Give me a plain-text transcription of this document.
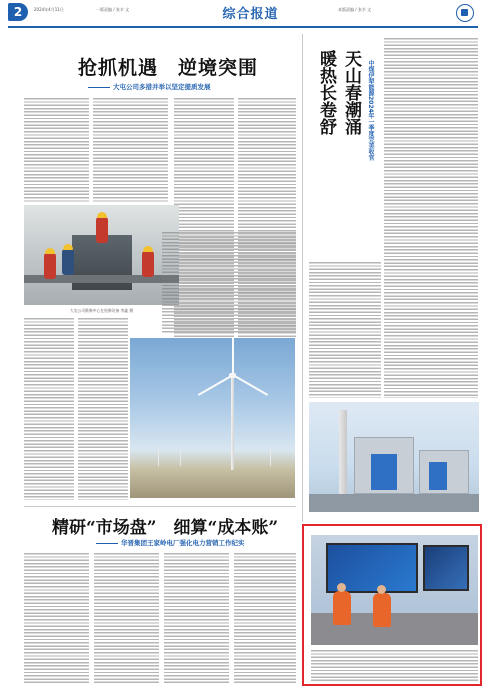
2	2024年4月11日	一版责编 / 张辛 文	综合报道	本版责编 / 张辛 文
抢抓机遇　逆境突围
大屯公司多措并举以坚定提质发展
大屯公司维修中心在检修设备 李鑫 摄
精研“市场盘”　细算“成本账”
华晋集团王家岭电厂强化电力营销工作纪实
天山春潮涌
暖热长卷舒	中煤伊犁能源2024年一季度完美收官
